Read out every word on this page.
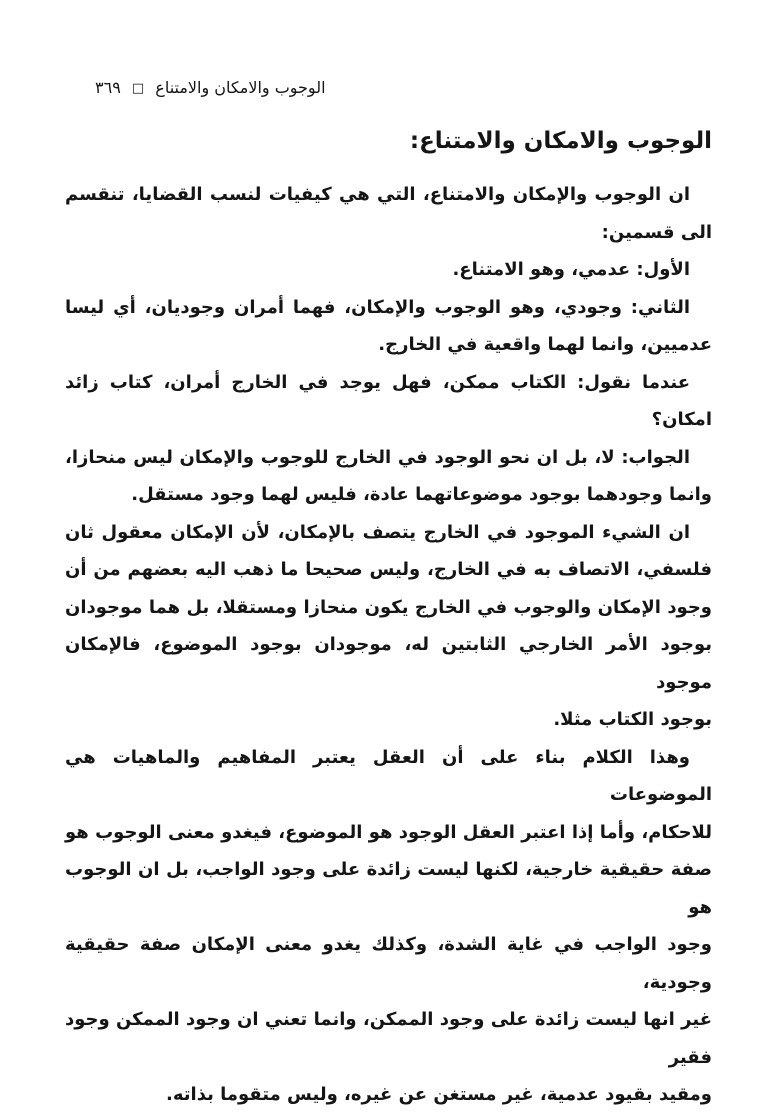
الوجوب والامكان والامتناع □ ٣٦٩
الوجوب والامكان والامتناع:
ان الوجوب والإمكان والامتناع، التي هي كيفيات لنسب القضايا، تنقسم
الى قسمين:
الأول: عدمي، وهو الامتناع.
الثاني: وجودي، وهو الوجوب والإمكان، فهما أمران وجوديان، أي ليسا
عدميين، وانما لهما واقعية في الخارج.
عندما نقول: الكتاب ممكن، فهل يوجد في الخارج أمران، كتاب زائد
امكان؟
الجواب: لا، بل ان نحو الوجود في الخارج للوجوب والإمكان ليس منحازا،
وانما وجودهما بوجود موضوعاتهما عادة، فليس لهما وجود مستقل.
ان الشيء الموجود في الخارج يتصف بالإمكان، لأن الإمكان معقول ثان
فلسفي، الاتصاف به في الخارج، وليس صحيحا ما ذهب اليه بعضهم من أن
وجود الإمكان والوجوب في الخارج يكون منحازا ومستقلا، بل هما موجودان
بوجود الأمر الخارجي الثابتين له، موجودان بوجود الموضوع، فالإمكان موجود
بوجود الكتاب مثلا.
وهذا الكلام بناء على أن العقل يعتبر المفاهيم والماهيات هي الموضوعات
للاحكام، وأما إذا اعتبر العقل الوجود هو الموضوع، فيغدو معنى الوجوب هو
صفة حقيقية خارجية، لكنها ليست زائدة على وجود الواجب، بل ان الوجوب هو
وجود الواجب في غاية الشدة، وكذلك يغدو معنى الإمكان صفة حقيقية وجودية،
غير انها ليست زائدة على وجود الممكن، وانما تعني ان وجود الممكن وجود فقير
ومقيد بقيود عدمية، غير مستغن عن غيره، وليس متقوما بذاته.
